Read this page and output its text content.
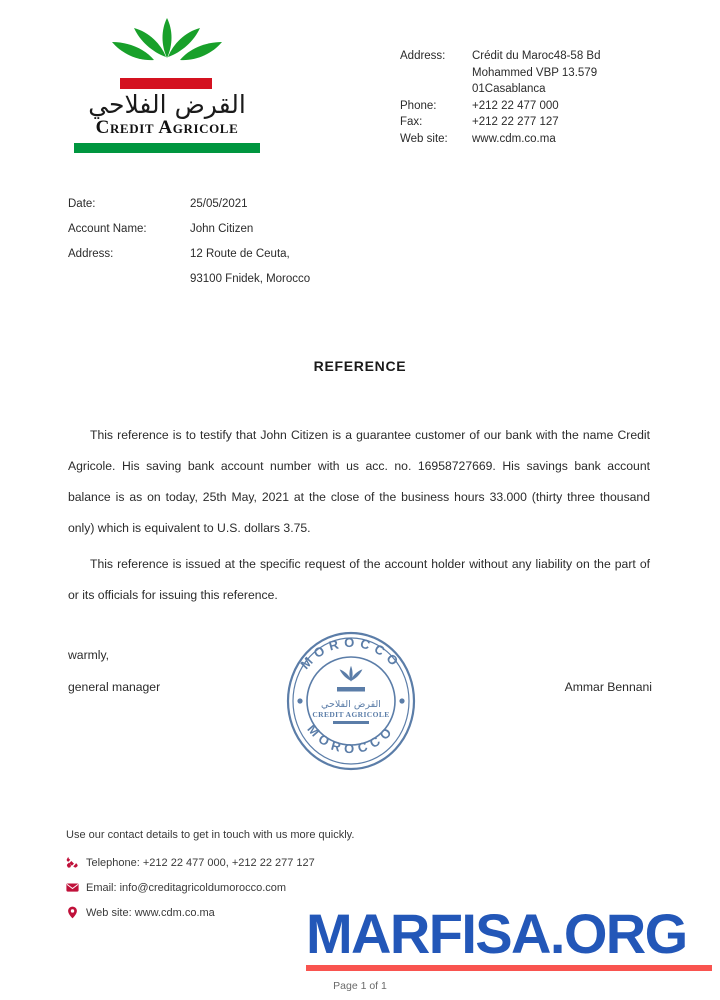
القرض الفلاحي
Credit Agricole
Address:	Crédit du Maroc48-58 Bd
	Mohammed VBP 13.579
	01Casablanca
Phone:	+212 22 477 000
Fax:	+212 22 277 127
Web site:	www.cdm.co.ma
Date:	25/05/2021
Account Name:	John Citizen
Address:	12 Route de Ceuta,
	93100 Fnidek, Morocco
REFERENCE

This reference is to testify that John Citizen is a guarantee customer of our bank with the name Credit Agricole. His saving bank account number with us acc. no. 16958727669. His savings bank account balance is as on today, 25th May, 2021 at the close of the business hours 33.000 (thirty three thousand only) which is equivalent to U.S. dollars 3.75.

This reference is issued at the specific request of the account holder without any liability on the part of or its officials for issuing this reference.

warmly,
general manager	Ammar Bennani
MOROCCO
MOROCCO
القرض الفلاحي
CREDIT AGRICOLE
Use our contact details to get in touch with us more quickly.
Telephone: +212 22 477 000, +212 22 277 127
Email: info@creditagricoldumorocco.com
Web site: www.cdm.co.ma MARFISA.ORG
Page 1 of 1
